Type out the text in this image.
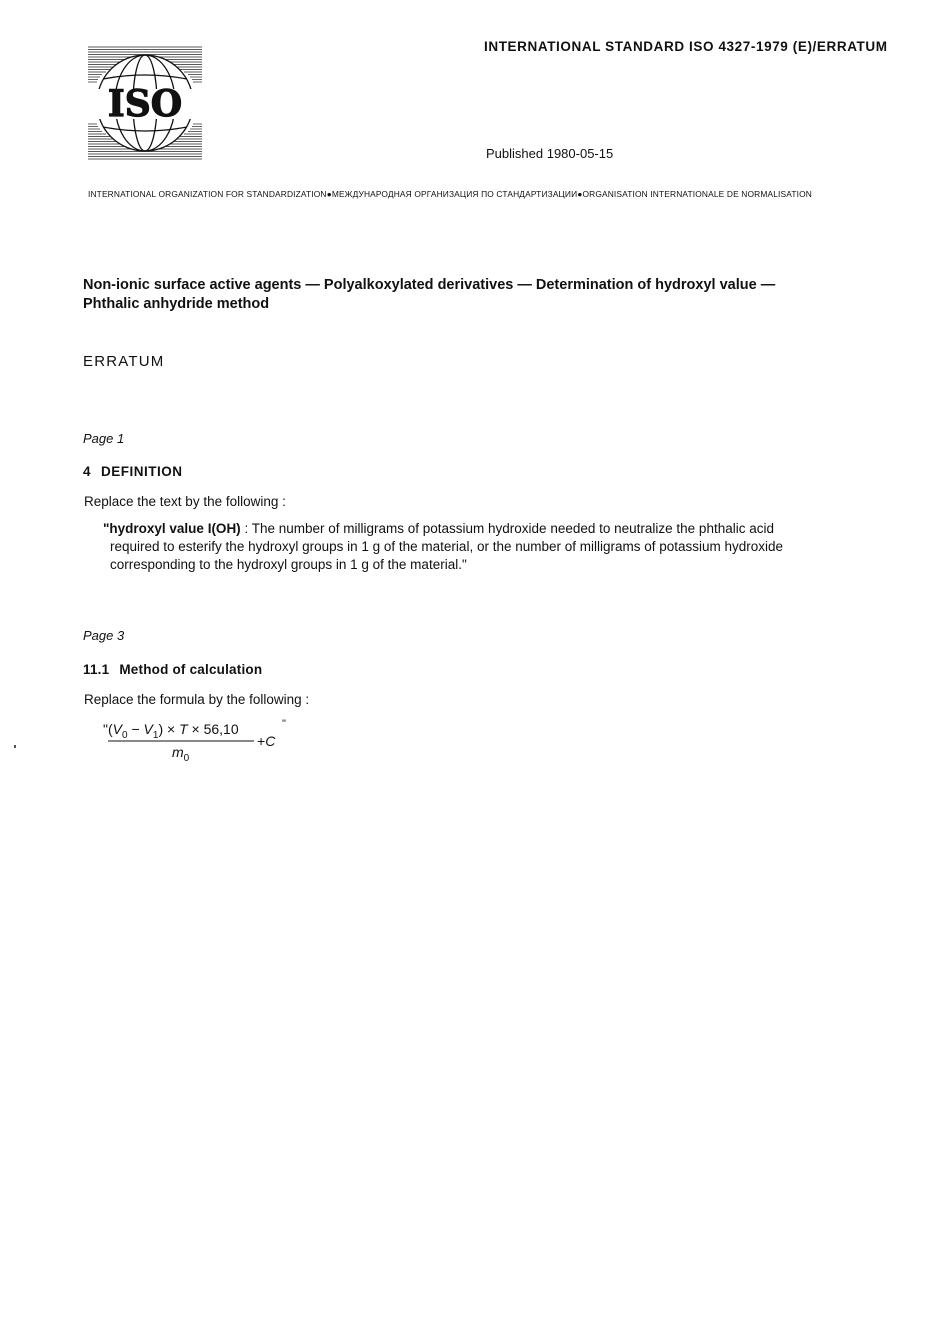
ISO
INTERNATIONAL STANDARD ISO 4327-1979 (E)/ERRATUM
Published 1980-05-15
INTERNATIONAL ORGANIZATION FOR STANDARDIZATION●МЕЖДУНАРОДНАЯ ОРГАНИЗАЦИЯ ПО СТАНДАРТИЗАЦИИ●ORGANISATION INTERNATIONALE DE NORMALISATION
Non-ionic surface active agents — Polyalkoxylated derivatives — Determination of hydroxyl value —
Phthalic anhydride method
ERRATUM
Page 1
4 DEFINITION
Replace the text by the following :
"hydroxyl value I(OH) : The number of milligrams of potassium hydroxide needed to neutralize the phthalic acid
required to esterify the hydroxyl groups in 1 g of the material, or the number of milligrams of potassium hydroxide
corresponding to the hydroxyl groups in 1 g of the material."
Page 3
11.1 Method of calculation
Replace the formula by the following :
"$(V_0 - V_1) \times T \times 56,10$
$m_0$
+C
"
